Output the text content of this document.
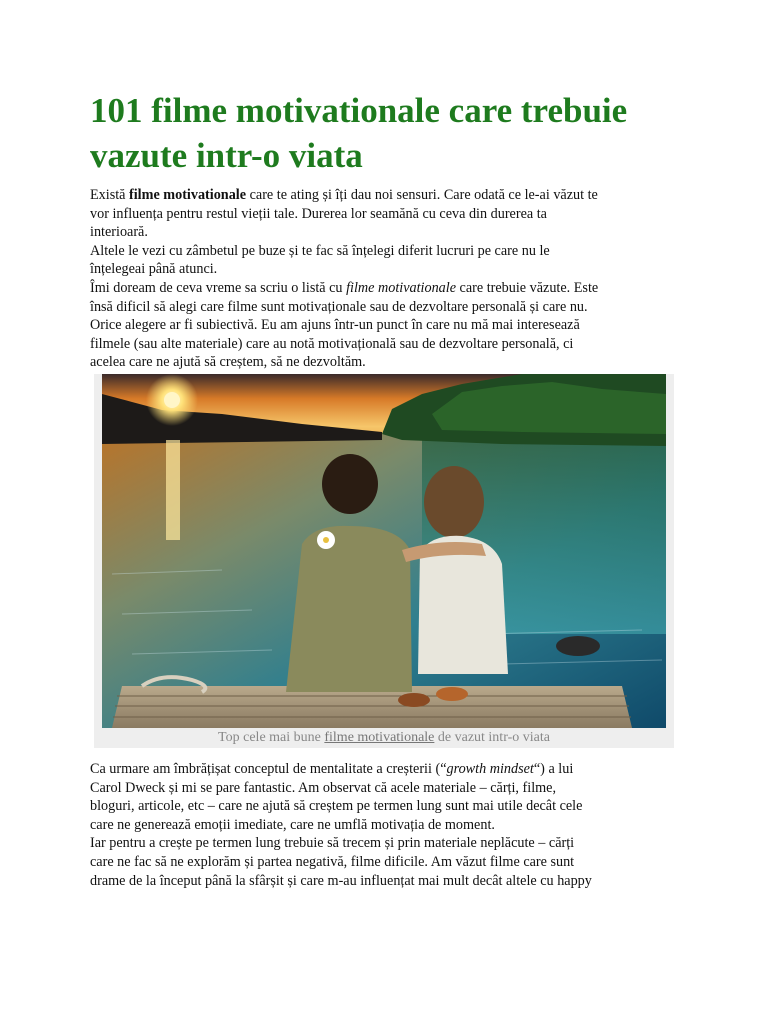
101 filme motivationale care trebuie
vazute intr-o viata
Există filme motivationale care te ating și îți dau noi sensuri. Care odată ce le-ai văzut te
vor influența pentru restul vieții tale. Durerea lor seamănă cu ceva din durerea ta
interioară.
Altele le vezi cu zâmbetul pe buze și te fac să înțelegi diferit lucruri pe care nu le
înțelegeai până atunci.
Îmi doream de ceva vreme sa scriu o listă cu filme motivationale care trebuie văzute. Este
însă dificil să alegi care filme sunt motivaționale sau de dezvoltare personală și care nu.
Orice alegere ar fi subiectivă. Eu am ajuns într-un punct în care nu mă mai interesează
filmele (sau alte materiale) care au notă motivațională sau de dezvoltare personală, ci
acelea care ne ajută să creștem, să ne dezvoltăm.
Top cele mai bune filme motivationale de vazut intr-o viata
Ca urmare am îmbrățișat conceptul de mentalitate a creșterii (“growth mindset“) a lui
Carol Dweck și mi se pare fantastic. Am observat că acele materiale – cărți, filme,
bloguri, articole, etc – care ne ajută să creștem pe termen lung sunt mai utile decât cele
care ne generează emoții imediate, care ne umflă motivația de moment.
Iar pentru a crește pe termen lung trebuie să trecem și prin materiale neplăcute – cărți
care ne fac să ne explorăm și partea negativă, filme dificile. Am văzut filme care sunt
drame de la început până la sfârșit și care m-au influențat mai mult decât altele cu happy
